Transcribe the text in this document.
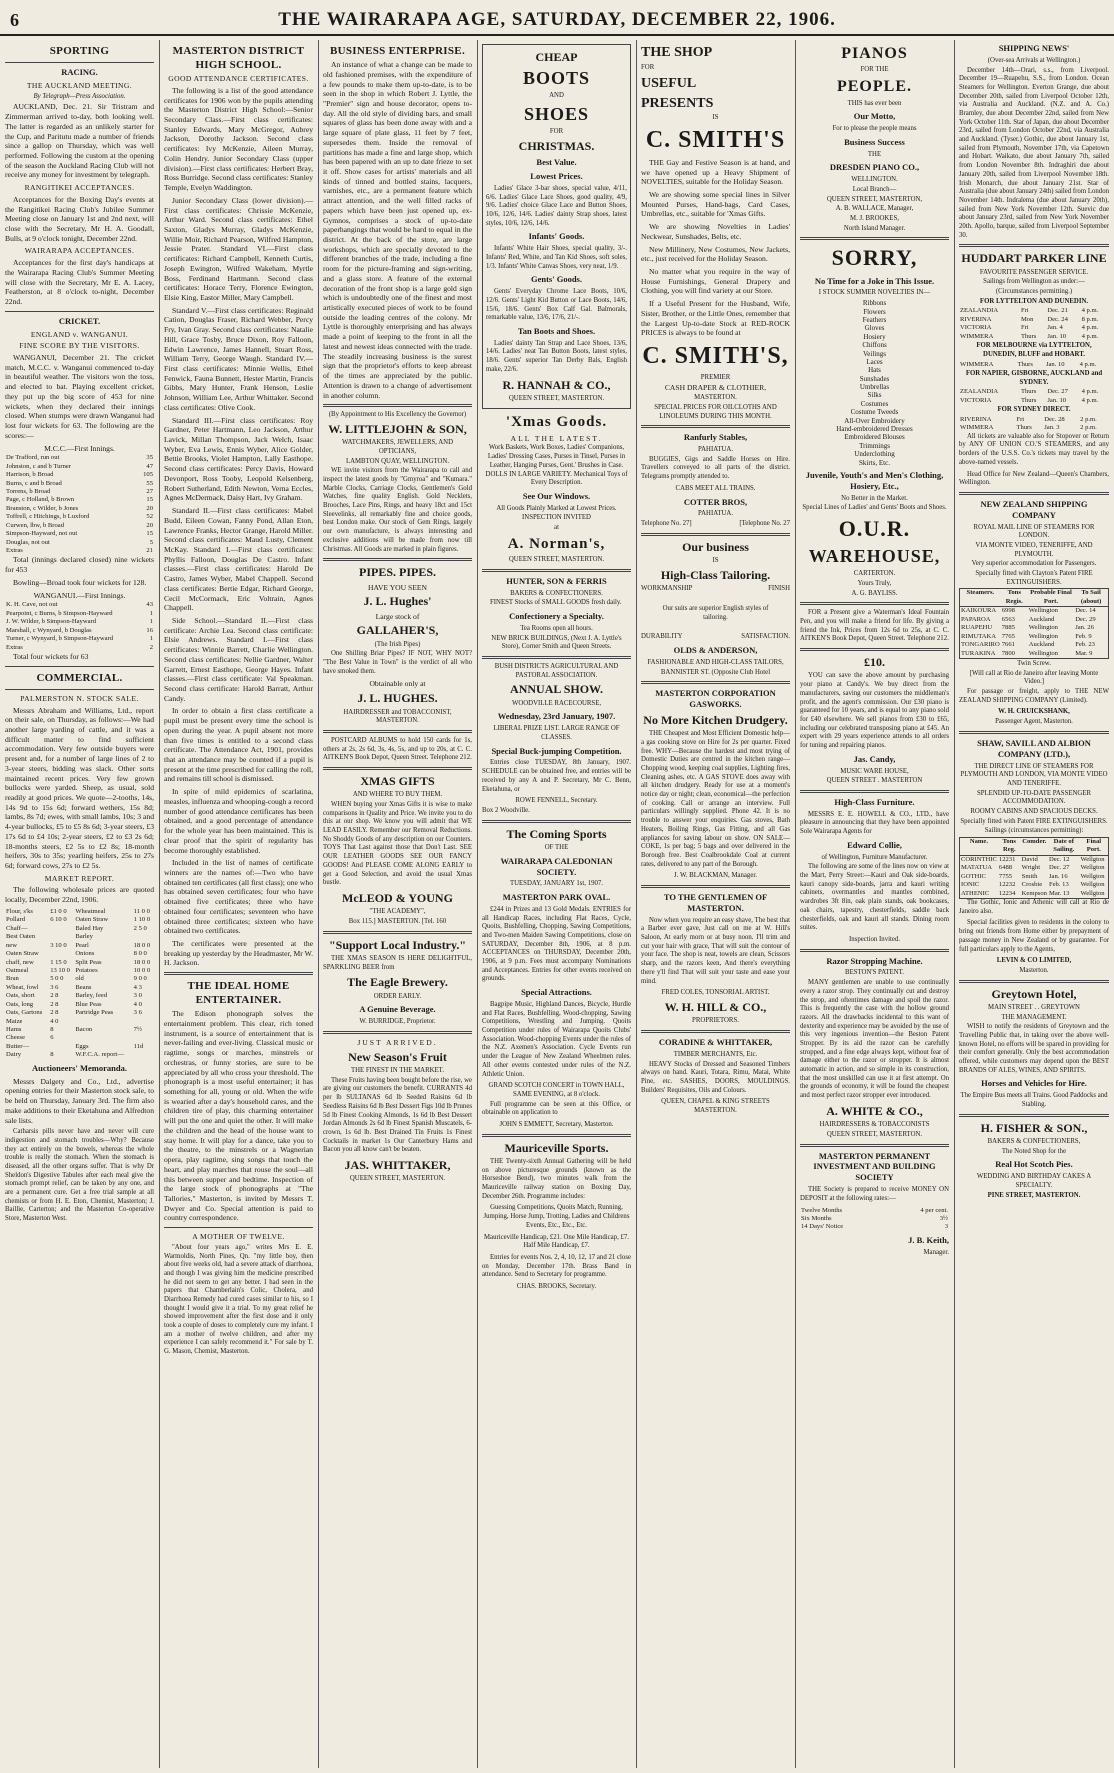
6	THE WAIRARAPA AGE, SATURDAY, DECEMBER 22, 1906.
SPORTING
RACING.
THE AUCKLAND MEETING.
By Telegraph—Press Association.

AUCKLAND, Dec. 21. Sir Tristram and Zimmerman arrived to-day, both looking well. The latter is regarded as an unlikely starter for the Cup, and Paritutu made a number of friends since a gallop on Thursday, which was well performed. Following the custom at the opening of the season the Auckland Racing Club will not receive any money for investment by telegraph.

RANGITIKEI ACCEPTANCES.

Acceptances for the Boxing Day's events at the Rangitikei Racing Club's Jubilee Summer Meeting close on January 1st and 2nd next, will close with the Secretary, Mr H. A. Goodall, Bulls, at 9 o'clock tonight, December 22nd.

WAIRARAPA ACCEPTANCES.

Acceptances for the first day's handicaps at the Wairarapa Racing Club's Summer Meeting will close with the Secretary, Mr E. A. Lacey, Featherston, at 8 o'clock to-night, December 22nd.

CRICKET.
ENGLAND v. WANGANUI.
FINE SCORE BY THE VISITORS.

WANGANUI, December 21. The cricket match, M.C.C. v. Wanganui commenced to-day in beautiful weather. The visitors won the toss, and elected to bat. Playing excellent cricket, they put up the big score of 453 for nine wickets, when they declared their innings closed. When stumps were drawn Wanganui had lost four wickets for 63. The following are the scores:—

M.C.C.—First Innings.
De Trafford, run out	35
Johnston, c and b Turner	47
Harrison, b Broad	105
Burns, c and b Broad	55
Torrens, b Broad	27
Page, c Holland, b Brown	15
Branston, c Wilder, b Jones	20
Toffrell, c Hitchings, b Luxford	52
Curwen, lbw, b Broad	20
Simpson-Hayward, not out	15
Douglas, not out	5
Extras	21

Total (innings declared closed) nine wickets for 453

Bowling—Broad took four wickets for 128.

WANGANUI.—First Innings.
K. H. Cave, not out	43
Pearpoint, c Burns, b Simpson-Hayward	1
J. W. Wilder, b Simpson-Hayward	1
Marshall, c Wynyard, b Douglas	16
Turner, c Wynyard, b Simpson-Hayward	1
Extras	2

Total four wickets for 63

COMMERCIAL.
PALMERSTON N. STOCK SALE.

Messrs Abraham and Williams, Ltd., report on their sale, on Thursday, as follows:—We had another large yarding of cattle, and it was a difficult matter to find sufficient accommodation. Very few outside buyers were present and, for a number of large lines of 2 to 3-year steers, bidding was slack. Other sorts maintained recent prices. Very few grown bullocks were yarded. Sheep, as usual, sold readily at good prices. We quote—2-tooths, 14s, 14s 9d to 15s 6d; forward wethers, 15s 8d; lambs, 8s 7d; ewes, with small lambs, 10s; 3 and 4-year bullocks, £5 to £5 8s 6d; 3-year steers, £3 17s 6d to £4 10s; 2-year steers, £2 to £3 2s 6d; 18-months steers, £2 5s to £2 8s; 18-month heifers, 30s to 35s; yearling heifers, 25s to 27s 6d; forward cows, 27s to £2 5s.

MARKET REPORT.

The following wholesale prices are quoted locally, December 22nd, 1906.

Flour, s'ks	£1 0 0	Wheatmeal	11 0 0
Pollard	6 10 0	Oaten Straw	1 10 0
Chaff—		Baled Hay	2 5 0
Best Oaten		Barley	
new	3 10 0	Pearl	18 0 0
Oaten Straw		Onions	8 0 0
chaff, new	1 15 0	Split Peas	18 0 0
Oatmeal	13 10 0	Potatoes	10 0 0
Bran	5 0 0	old	9 0 0
Wheat, fowl	3 6	Beans	4 3
Oats, short	2 8	Barley, feed	3 0
Oats, long	2 8	Blue Peas	4 0
Oats, Gartons	2 8	Partridge Peas	3 6
Maize	4 0		
Hams	8	Bacon	7½
Cheese	6		
Butter—		Eggs	11d
Dairy	8	W.F.C.A. report—	
Auctioneers' Memoranda.

Messrs Dalgety and Co., Ltd., advertise opening entries for their Masterton stock sale, to be held on Thursday, January 3rd. The firm also make additions to their Eketahuna and Alfredton sale lists.

Catharsis pills never have and never will cure indigestion and stomach troubles—Why? Because they act entirely on the bowels, whereas the whole trouble is really the stomach. When the stomach is diseased, all the other organs suffer. That is why Dr Sheldon's Digestive Tabules after each meal give the stomach prompt relief, can be taken by any one, and are a permanent cure. Get a free trial sample at all chemists or from H. E. Eton, Chemist, Masterton; J. Baillie, Carterton; and the Masterton Co-operative Store, Masterton West.

MASTERTON DISTRICT HIGH SCHOOL.
GOOD ATTENDANCE CERTIFICATES.

The following is a list of the good attendance certificates for 1906 won by the pupils attending the Masterton District High School:—Senior Secondary Class.—First class certificates: Stanley Edwards, Mary McGregor, Aubrey Jackson, Dorothy Jackson. Second class certificates: Ivy McKenzie, Aileen Murray, Colin Hendry. Junior Secondary Class (upper division).—First class certificates: Herbert Bray, Ross Burridge. Second class certificates: Stanley Temple, Evelyn Waddington.

Junior Secondary Class (lower division).—First class certificates: Chrissie McKenzie, Arthur Ward. Second class certificates: Ethel Saxton, Gladys Murray, Gladys McKenzie, Willie Moir, Richard Pearson, Wilfred Hampton, Jessie Prater. Standard VI.—First class certificates: Richard Campbell, Kenneth Curtis, Joseph Ewington, Wilfred Wakeham, Myrtle Boss, Ferdinand Hartmann. Second class certificates: Horace Terry, Florence Ewington, Elsie King, Eastor Miller, Mary Campbell.

Standard V.—First class certificates: Reginald Cation, Douglas Fraser, Richard Webber, Percy Fry, Ivan Gray. Second class certificates: Natalie Hill, Grace Tosby, Bruce Dixon, Roy Falloon, Edwin Lawrence, James Hannell, Stuart Ross, William Terry, George Waugh. Standard IV.—First class certificates: Minnie Wellis, Ethel Fenwick, Fauna Bunnett, Hester Martin, Francis Gibbs, Mary Hunter, Frank Henson, Leslie Johnson, William Lee, Arthur Whittaker. Second class certificates: Olive Cook.

Standard III.—First class certificates: Roy Gardner, Peter Hartmann, Leo Jackson, Arthur Lavick, Millan Thompson, Jack Welch, Isaac Wyber, Eva Lewis, Ennis Wyber, Alice Golder, Bettie Brooks, Violet Hampton, Lally Easthope. Second class certificates: Percy Davis, Howard Devonport, Ross Tooby, Leopold Kelsenberg, Robert Sutherland, Edith Newton, Verna Eccles, Agnes McDermack, Daisy Hart, Ivy Graham.

Standard II.—First class certificates: Mabel Budd, Eileen Cowan, Fanny Pond, Allan Eton, Lawrence Franks, Hector Grange, Harold Miller. Second class certificates: Maud Lusty, Clement McKay. Standard I.—First class certificates: Phyllis Falloon, Douglas De Castro. Infant classes.—First class certificates: Harold De Castro, James Wyber, Mabel Chappell. Second class certificates: Bertie Edgar, Richard George, Cecil McCormack, Eric Voltrain, Agnes Chappell.

Side School.—Standard II.—First class certificate: Archie Lea. Second class certificate: Elsie Andrews. Standard I.—First class certificates: Winnie Barrett, Charlie Wellington. Second class certificates: Nellie Gardner, Walter Garrett, Ernest Easthope, George Hayes. Infant classes.—First class certificate: Val Speakman. Second class certificate: Harold Barratt, Arthur Candy.

In order to obtain a first class certificate a pupil must be present every time the school is open during the year. A pupil absent not more than five times is entitled to a second class certificate. The Attendance Act, 1901, provides that an attendance may be counted if a pupil is present at the time prescribed for calling the roll, and remains till school is dismissed.

In spite of mild epidemics of scarlatina, measles, influenza and whooping-cough a record number of good attendance certificates has been obtained, and a good percentage of attendance for the whole year has been maintained. This is clear proof that the spirit of regularity has become thoroughly established.

Included in the list of names of certificate winners are the names of:—Two who have obtained ten certificates (all first class); one who has obtained seven certificates; four who have obtained five certificates; three who have obtained four certificates; seventeen who have obtained three certificates; sixteen who have obtained two certificates.

The certificates were presented at the breaking up yesterday by the Headmaster, Mr W. H. Jackson.

THE IDEAL HOME ENTERTAINER.

The Edison phonograph solves the entertainment problem. This clear, rich toned instrument, is a source of entertainment that is never-failing and ever-living. Classical music or ragtime, songs or marches, minstrels or orchestras, or funny stories, are sure to be appreciated by all who cross your threshold. The phonograph is a most useful entertainer; it has something for all, young or old. When the wife is wearied after a day's household cares, and the children tire of play, this charming entertainer will put the one and quiet the other. It will make the children and the head of the house want to stay home. It will play for a dance, take you to the theatre, to the minstrels or a Wagnerian opera, play ragtime, sing songs that touch the heart, and play marches that rouse the soul—all this between supper and bedtime. Inspection of the large stock of phonographs at "The Tallories," Masterton, is invited by Messrs T. Dwyer and Co. Special attention is paid to country correspondence.

A MOTHER OF TWELVE.

"About four years ago," writes Mrs E. E. Warmoldis, North Pines, Qn. "my little boy, then about five weeks old, had a severe attack of diarrhoea, and though I was giving him the medicine prescribed he did not seem to get any better. I had seen in the papers that Chamberlain's Colic, Cholera, and Diarrhoea Remedy had cured cases similar to his, so I thought I would give it a trial. To my great relief he showed improvement after the first dose and it only took a couple of doses to completely cure my infant. I am a mother of twelve children, and after my experience I can safely recommend it." For sale by T. G. Mason, Chemist, Masterton.

BUSINESS ENTERPRISE.

An instance of what a change can be made to old fashioned premises, with the expenditure of a few pounds to make them up-to-date, is to be seen in the shop in which Robert J. Lyttle, the "Premier" sign and house decorator, opens to-day. All the old style of dividing bars, and small squares of glass has been done away with and a large square of plate glass, 11 feet by 7 feet, supersedes them. Inside the removal of partitions has made a fine and large shop, which has been papered with an up to date frieze to set it off. Show cases for artists' materials and all kinds of tinned and bottled stains, lacquers, varnishes, etc., are a permanent feature which attract attention, and the well filled racks of papers which have been just opened up, ex-Gymnos, comprises a stock of up-to-date paperhangings that would be hard to equal in the district. At the back of the store, are large workshops, which are specially devoted to the different branches of the trade, including a fine room for the picture-framing and sign-writing, and a glass store. A feature of the external decoration of the front shop is a large gold sign which is undoubtedly one of the finest and most artistically executed pieces of work to be found outside the leading centres of the colony. Mr Lyttle is thoroughly enterprising and has always made a point of keeping to the front in all the latest and newest ideas connected with the trade. The steadily increasing business is the surest sign that the proprietor's efforts to keep abreast of the times are appreciated by the public. Attention is drawn to a change of advertisement in another column.

(By Appointment to His Excellency the Governor)
W. LITTLEJOHN & SON,
WATCHMAKERS, JEWELLERS, AND OPTICIANS,
LAMBTON QUAY, WELLINGTON.

WE invite visitors from the Wairarapa to call and inspect the latest goods by "Gmyroa" and "Kumara." Marble Clocks, Carriage Clocks, Gentlemen's Gold Watches, fine quality English. Gold Necklets, Brooches, Lace Pins, Rings, and heavy 18ct and 15ct Sleevelinks, all remarkably fine and choice goods, best London make. Our stock of Gem Rings, largely our own manufacture, is always interesting and exclusive additions will be made from now till Christmas. All Goods are marked in plain figures.

PIPES. PIPES.
HAVE YOU SEEN
J. L. Hughes'
Large stock of
GALLAHER'S,
(The Irish Pipes)

One Shilling Briar Pipes? IF NOT, WHY NOT? "The Best Value in Town" is the verdict of all who have smoked them.

Obtainable only at
J. L. HUGHES.
HAIRDRESSER and TOBACCONIST, MASTERTON.

POSTCARD ALBUMS to hold 150 cards for 1s, others at 2s, 2s 6d, 3s, 4s, 5s, and up to 20s, at C. C. AITKEN'S Book Depot, Queen Street. Telephone 212.

XMAS GIFTS
AND WHERE TO BUY THEM.

WHEN buying your Xmas Gifts it is wise to make comparisons in Quality and Price. We invite you to do this at our shop. We know you will admit that WE LEAD EASILY. Remember our Removal Reductions. No Shoddy Goods of any description on our Counters. TOYS That Last against those that Don't Last. SEE OUR LEATHER GOODS SEE OUR FANCY GOODS! And PLEASE COME ALONG EARLY to get a Good Selection, and avoid the usual Xmas bustle.

McLEOD & YOUNG
"THE ACADEMY",
Box 115.] MASTERTON. [Tel. 160
"Support Local Industry."

THE XMAS SEASON IS HERE DELIGHTFUL, SPARKLING BEER from

The Eagle Brewery.
ORDER EARLY.
A Genuine Beverage.
W. BURRIDGE, Proprietor.
JUST ARRIVED.
New Season's Fruit
THE FINEST IN THE MARKET.

These Fruits having been bought before the rise, we are giving our customers the benefit. CURRANTS 4d per lb SULTANAS 6d lb Seeded Raisins 6d lb Seedless Raisins 6d lb Best Dessert Figs 10d lb Prunes 5d lb Finest Cooking Almonds, 1s 6d lb Best Dessert Jordan Almonds 2s 6d lb Finest Spanish Muscatels, 6-crown, 1s 6d lb. Best Drained Tin Fruits 1s Finest Cocktails in market 1s Our Canterbury Hams and Bacon you all know can't be beaten.

JAS. WHITTAKER,
QUEEN STREET, MASTERTON.
CHEAP
BOOTS
AND
SHOES
FOR
CHRISTMAS.
Best Value.
Lowest Prices.

Ladies' Glace 3-bar shoes, special value, 4/11, 6/6. Ladies' Glace Lace Shoes, good quality, 4/9, 9/6. Ladies' choice Glace Lace and Button Shoes, 10/6, 12/6, 14/6. Ladies' dainty Strap shoes, latest styles, 10/6, 12/6, 14/6.

Infants' Goods.

Infants' White Hair Shoes, special quality, 3/-. Infants' Red, White, and Tan Kid Shoes, soft soles, 1/3. Infants' White Canvas Shoes, very neat, 1/9.

Gents' Goods.

Gents' Everyday Chrome Lace Boots, 10/6, 12/6. Gents' Light Kid Button or Lace Boots, 14/6, 15/6, 18/6. Gents' Box Calf Gal. Balmorals, remarkable value, 13/6, 17/6, 21/-.

Tan Boots and Shoes.

Ladies' dainty Tan Strap and Lace Shoes, 13/6, 14/6. Ladies' neat Tan Button Boots, latest styles, 18/6. Gents' superior Tan Derby Bals, English make, 22/6.

R. HANNAH & CO.,
QUEEN STREET, MASTERTON.
'Xmas Goods.
ALL THE LATEST.

Work Baskets, Work Boxes, Ladies' Companions, Ladies' Dressing Cases, Purses in Tinsel, Purses in Leather, Hanging Purses, Gent.' Brushes in Case. DOLLS IN LARGE VARIETY. Mechanical Toys of Every Description.

See Our Windows.
All Goods Plainly Marked at Lowest Prices.
INSPECTION INVITED
at
A. Norman's,
QUEEN STREET, MASTERTON.
HUNTER, SON & FERRIS
BAKERS & CONFECTIONERS.

FINEST Stocks of SMALL GOODS fresh daily.

Confectionery a Specialty.
Tea Rooms open all hours.
NEW BRICK BUILDINGS, (Next J. A. Lyttle's Store), Corner Smith and Queen Streets.
BUSH DISTRICTS AGRICULTURAL AND PASTORAL ASSOCIATION.
ANNUAL SHOW.
WOODVILLE RACECOURSE,
Wednesday, 23rd January, 1907.
LIBERAL PRIZE LIST. LARGE RANGE OF CLASSES.
Special Buck-jumping Competition.

Entries close TUESDAY, 8th January, 1907. SCHEDULE can be obtained free, and entries will be received by any A and P. Secretary, Mr C. Benn, Eketahuna, or

ROWE FENNELL, Secretary.
Box 2 Woodville.
The Coming Sports
OF THE
WAIRARAPA CALEDONIAN SOCIETY.
TUESDAY, JANUARY 1st, 1907.
MASTERTON PARK OVAL.

£244 in Prizes and 13 Gold Medals. ENTRIES for all Handicap Races, including Flat Races, Cycle, Quoits, Bushfelling, Chopping, Sawing Competitions, and Two-men Maiden Sawing Competitions, close on SATURDAY, December 8th, 1906, at 8 p.m. ACCEPTANCES on THURSDAY, December 20th, 1906, at 9 p.m. Fees must accompany Nominations and Acceptances. Entries for other events received on grounds.

Special Attractions.

Bagpipe Music, Highland Dances, Bicycle, Hurdle and Flat Races, Bushfelling, Wood-chopping, Sawing Competitions, Wrestling and Jumping. Quoits Competition under rules of Wairarapa Quoits Clubs' Association. Wood-chopping Events under the rules of the N.Z. Axemen's Association. Cycle Events run under the League of New Zealand Wheelmen rules. All other events contested under rules of the N.Z. Athletic Union.

GRAND SCOTCH CONCERT in TOWN HALL, SAME EVENING, at 8 o'clock.

Full programme can be seen at this Office, or obtainable on application to

JOHN S EMMETT, Secretary, Masterton.
Mauriceville Sports.

THE Twenty-sixth Annual Gathering will be held on above picturesque grounds (known as the Horseshoe Bend), two minutes walk from the Mauriceville railway station on Boxing Day, December 26th. Programme includes:

Guessing Competitions, Quoits Match, Running, Jumping, Horse Jump, Trotting, Ladies and Childrens Events, Etc., Etc., Etc.

Mauriceville Handicap, £21. One Mile Handicap, £7. Half Mile Handicap, £7.

Entries for events Nos. 2, 4, 10, 12, 17 and 21 close on Monday, December 17th. Brass Band in attendance. Send to Secretary for programme.

CHAS. BROOKS, Secretary.
THE SHOP
FOR
USEFUL
PRESENTS
IS
C. SMITH'S

THE Gay and Festive Season is at hand, and we have opened up a Heavy Shipment of NOVELTIES, suitable for the Holiday Season.

We are showing some special lines in Silver Mounted Purses, Hand-bags, Card Cases, Umbrellas, etc., suitable for 'Xmas Gifts.

We are showing Novelties in Ladies' Neckwear, Sunshades, Belts, etc.

New Millinery, New Costumes, New Jackets, etc., just received for the Holiday Season.

No matter what you require in the way of House Furnishings, General Drapery and Clothing, you will find variety at our Store.

If a Useful Present for the Husband, Wife, Sister, Brother, or the Little Ones, remember that the Largest Up-to-date Stock at RED-ROCK PRICES is always to be found at

C. SMITH'S,
PREMIER
CASH DRAPER & CLOTHIER,
MASTERTON.
SPECIAL PRICES FOR OILCLOTHS AND LINOLEUMS DURING THIS MONTH.
Ranfurly Stables,
PAHIATUA.

BUGGIES, Gigs and Saddle Horses on Hire. Travellers conveyed to all parts of the district. Telegrams promptly attended to.

CABS MEET ALL TRAINS.
COTTER BROS,
PAHIATUA.
Telephone No. 27]	[Telephone No. 27
Our business
IS
High-Class Tailoring.
WORKMANSHIP	FINISH
Our suits are superior English styles of tailoring.
DURABILITY	SATISFACTION.
OLDS & ANDERSON,
FASHIONABLE AND HIGH-CLASS TAILORS,
BANNISTER ST. (Opposite Club Hotel
MASTERTON CORPORATION GASWORKS.
No More Kitchen Drudgery.

THE Cheapest and Most Efficient Domestic help—a gas cooking stove on Hire for 2s per quarter. Fixed free. WHY—Because the hardest and most trying of Domestic Duties are centred in the kitchen range—Chopping wood, keeping coal supplies, Lighting fires, Cleaning ashes, etc. A GAS STOVE does away with all kitchen drudgery. Ready for use at a moment's notice day or night; clean, economical—the perfection of cooking. Call or arrange an interview. Full particulars willingly supplied. Phone 42. It is no trouble to answer your enquiries. Gas stoves, Bath Heaters, Boiling Rings, Gas Fitting, and all Gas appliances for saving labour on show. ON SALE—COKE, 1s per bag; 5 bags and over delivered in the Borough free. Best Coalbrookdale Coal at current rates, delivered to any part of the Borough.

J. W. BLACKMAN, Manager.
TO THE GENTLEMEN OF MASTERTON.

Now when you require an easy shave, The best that a Barber ever gave, Just call on me at W. Hill's Saloon, At early morn or at busy noon. I'll trim and cut your hair with grace, That will suit the contour of your face. The shop is neat, towels are clean, Scissors sharp, and the razors keen, And there's everything there y'll find That will suit your taste and ease your mind.

FRED COLES, TONSORIAL ARTIST.
W. H. HILL & CO.,
PROPRIETORS.
CORADINE & WHITTAKER,
TIMBER MERCHANTS, Etc.

HEAVY Stocks of Dressed and Seasoned Timbers always on hand. Kauri, Totara, Rimu, Matai, White Pine, etc. SASHES, DOORS, MOULDINGS. Builders' Requisites, Oils and Colours.

QUEEN, CHAPEL & KING STREETS MASTERTON.
PIANOS
FOR THE
PEOPLE.
THIS has ever been
Our Motto,
For to please the people means
Business Success
THE
DRESDEN PIANO CO.,
WELLINGTON.
Local Branch—
QUEEN STREET, MASTERTON,
A. B. WALLACE, Manager,
M. J. BROOKES,
North Island Manager.
SORRY,
No Time for a Joke in This Issue.
I STOCK SUMMER NOVELTIES IN—
Ribbons
Flowers
Feathers
Gloves
Hosiery
Chiffons
Veilings
Laces
Hats
Sunshades
Umbrellas
Silks
Costumes
Costume Tweeds
All-Over Embroidery
Hand-embroidered Dresses
Embroidered Blouses
Trimmings
Underclothing
Skirts, Etc.
Juvenile, Youth's and Men's Clothing, Hosiery, Etc.,
No Better in the Market.
Special Lines of Ladies' and Gents' Boots and Shoes.
O.U.R.
WAREHOUSE,
CARTERTON.
Yours Truly,
A. G. BAYLISS.

FOR a Present give a Waterman's Ideal Fountain Pen, and you will make a friend for life. By giving a friend the Ink, Prices from 12s 6d to 25s, at C. C. AITKEN'S Book Depot, Queen Street. Telephone 212.

£10.

YOU can save the above amount by purchasing your piano at Candy's. We buy direct from the manufacturers, saving our customers the middleman's profit, and the agent's commission. Our £30 piano is guaranteed for 10 years, and is equal to any piano sold for £40 elsewhere. We sell pianos from £30 to £65, including our celebrated transposing piano at £45. An expert with 29 years experience attends to all orders for tuning and repairing pianos.

Jas. Candy,
MUSIC WARE HOUSE,
QUEEN STREET . MASTERTON
High-Class Furniture.

MESSRS E. E. HOWELL & CO., LTD., have pleasure in announcing that they have been appointed Sole Wairarapa Agents for

Edward Collie,
of Wellington, Furniture Manufacturer.

The following are some of the lines now on view at the Mart, Perry Street:—Kauri and Oak side-boards, kauri canopy side-boards, jarra and kauri writing cabinets, overmantles and mantles combined, wardrobes 3ft 8in, oak plain stands, oak bookcases, oak chairs, tapestry, chesterfields, saddle back chesterfields, oak and kauri all stands. Dining room suites.

Inspection Invited.
Razor Stropping Machine.
BESTON'S PATENT.

MANY gentlemen are unable to use continually every a razor strop. They continually cut and destroy the strop, and oftentimes damage and spoil the razor. This is frequently the case with the hollow ground razors. All the drawbacks incidental to this want of dexterity and experience may be avoided by the use of this very ingenious invention—the Beston Patent Stropper. By its aid the razor can be carefully stropped, and a fine edge always kept, without fear of damage either to the razor or stropper. It is almost automatic in action, and so simple in its construction, that the most unskilled can use it at first attempt. On the grounds of economy, it will be found the cheapest and most perfect razor stropper ever introduced.

A. WHITE & CO.,
HAIRDRESSERS & TOBACCONISTS
QUEEN STREET, MASTERTON.
MASTERTON PERMANENT INVESTMENT AND BUILDING SOCIETY

THE Society is prepared to receive MONEY ON DEPOSIT at the following rates:—

Twelve Months	4 per cent.
Six Months	3½
14 Days' Notice	3
J. B. Keith,
Manager.
SHIPPING NEWS'
(Over-sea Arrivals at Wellington.)

December 14th—Orari, s.s., from Liverpool. December 19—Ruapehu, S.S., from London. Ocean Steamers for Wellington. Everton Grange, due about December 20th, sailed from Liverpool October 12th, via Australia and Auckland. (N.Z. and A. Co.) Bramley, due about December 22nd, sailed from New York October 11th. Star of Japan, due about December 23rd, sailed from London October 22nd, via Australia and Auckland. (Tyser.) Gothic, due about January 1st, sailed from Plymouth, November 17th, via Capetown and Hobart. Waikato, due about January 7th, sailed from London November 8th. Indraghiri due about January 20th, sailed from Liverpool November 18th. Irish Monarch, due about January 21st. Star of Australia (due about January 24th) sailed from London November 14th. Indralema (due about January 20th), sailed from New York November 12th. Suevic due about January 23rd, sailed from New York November 20th. Apollo, barque, sailed from Liverpool September 30.

HUDDART PARKER LINE
FAVOURITE PASSENGER SERVICE.
Sailings from Wellington as under:—
(Circumstances permitting.)
FOR LYTTELTON AND DUNEDIN.
ZEALANDIA	Fri	Dec. 21	4 p.m.
RIVERINA	Mon	Dec. 24	8 p.m.
VICTORIA	Fri	Jan. 4	4 p.m.
WIMMERA	Thurs	Jan. 10	4 p.m.
FOR MELBOURNE via LYTTELTON, DUNEDIN, BLUFF and HOBART.
WIMMERA	Thurs	Jan. 10	4 p.m.
FOR NAPIER, GISBORNE, AUCKLAND and SYDNEY.
ZEALANDIA	Thurs	Dec. 27	4 p.m.
VICTORIA	Thurs	Jan. 10	4 p.m.
FOR SYDNEY DIRECT.
RIVERINA	Fri	Dec. 28	2 p.m.
WIMMERA	Thurs	Jan. 3	2 p.m.

All tickets are valuable also for Stopover or Return by ANY OF UNION CO.'S STEAMERS, and any borders of the U.S.S. Co.'s tickets may travel by the above-named vessels.

Head Office for New Zealand—Queen's Chambers, Wellington.

NEW ZEALAND SHIPPING COMPANY
ROYAL MAIL LINE OF STEAMERS FOR LONDON.
VIA MONTE VIDEO, TENERIFFE, AND PLYMOUTH.
Very superior accommodation for Passengers.
Specially fitted with Clayton's Patent FIRE EXTINGUISHERS.
Steamers.	Tons Regis.	Probable Final Port.	To Sail (about)
KAIKOURA	6998	Wellington	Dec. 14
PAPAROA	6563	Auckland	Dec. 29
RUAPEHU	7885	Wellington	Jan. 26
RIMUTAKA	7765	Wellington	Feb. 9
TONGARIRO	7661	Auckland	Feb. 23
TURAKINA	7800	Wellington	Mar. 9
Twin Screw.
[Will call at Rio de Janeiro after leaving Monte Video.]

For passage or freight, apply to THE NEW ZEALAND SHIPPING COMPANY (Limited).

W. H. CRUICKSHANK,
Passenger Agent, Masterton.
SHAW, SAVILL AND ALBION COMPANY (LTD.),
THE DIRECT LINE OF STEAMERS FOR PLYMOUTH AND LONDON, VIA MONTE VIDEO AND TENERIFFE.
SPLENDID UP-TO-DATE PASSENGER ACCOMMODATION.
ROOMY CABINS AND SPACIOUS DECKS.
Specially fitted with Patent FIRE EXTINGUISHERS.
Sailings (circumstances permitting):
Name.	Tons Reg.	Comder.	Date of Sailing.	Final Port.
CORINTHIC	12231	David	Dec. 12	Wellgton
MATATUA	6488	Wright	Dec. 27	Wellgton
GOTHIC	7755	Smith	Jan. 16	Wellgton
IONIC	12232	Crosbie	Feb. 13	Wellgton
ATHENIC	12234	Kempson	Mar. 13	Wellgton

The Gothic, Ionic and Athenic will call at Rio de Janeiro also.

Special facilities given to residents in the colony to bring out friends from Home either by prepayment of passage money in New Zealand or by guarantee. For full particulars apply to the Agents,

LEVIN & CO LIMITED,
Masterton.
Greytown Hotel,
MAIN STREET . . GREYTOWN
THE MANAGEMENT.

WISH to notify the residents of Greytown and the Travelling Public that, in taking over the above well-known Hotel, no efforts will be spared in providing for their comfort generally. Only the best accommodation offered, while customers may depend upon the BEST BRANDS OF ALES, WINES, AND SPIRITS.

Horses and Vehicles for Hire.
The Empire Bus meets all Trains. Good Paddocks and Stabling.
H. FISHER & SON.,
BAKERS & CONFECTIONERS,
The Noted Shop for the
Real Hot Scotch Pies.
WEDDING AND BIRTHDAY CAKES A SPECIALTY.
PINE STREET, MASTERTON.
